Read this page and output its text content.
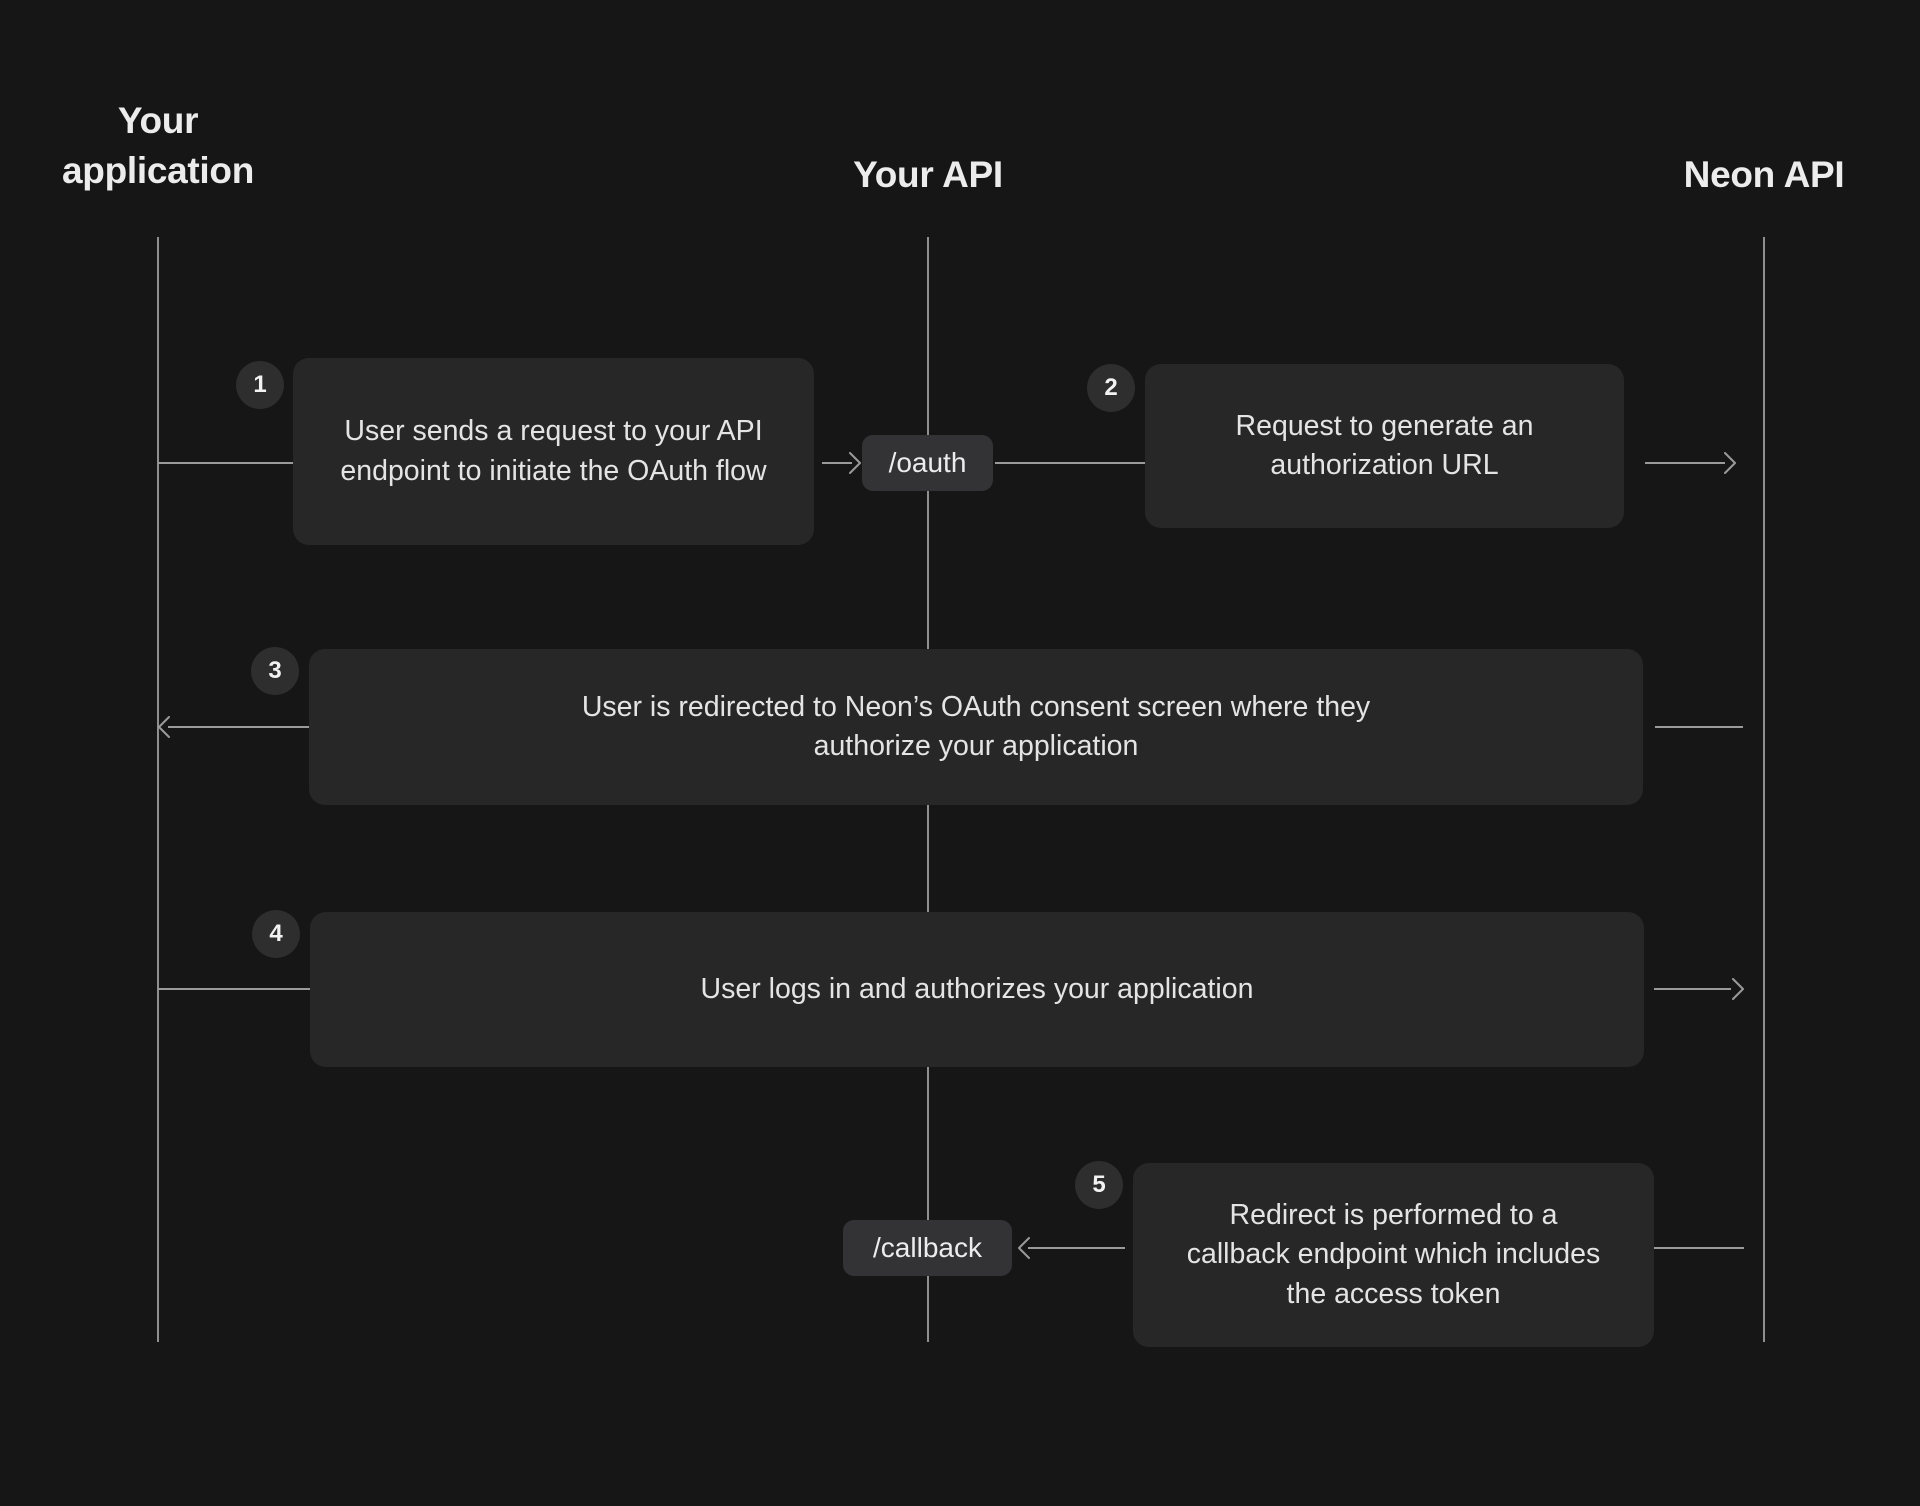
Your application	Your API	Neon API
1
User sends a request to your API endpoint to initiate the OAuth flow	/oauth
2
Request to generate an authorization URL
3
User is redirected to Neon’s OAuth consent screen where they authorize your application
4
User logs in and authorizes your application
/callback
5
Redirect is performed to a callback endpoint which includes the access token
